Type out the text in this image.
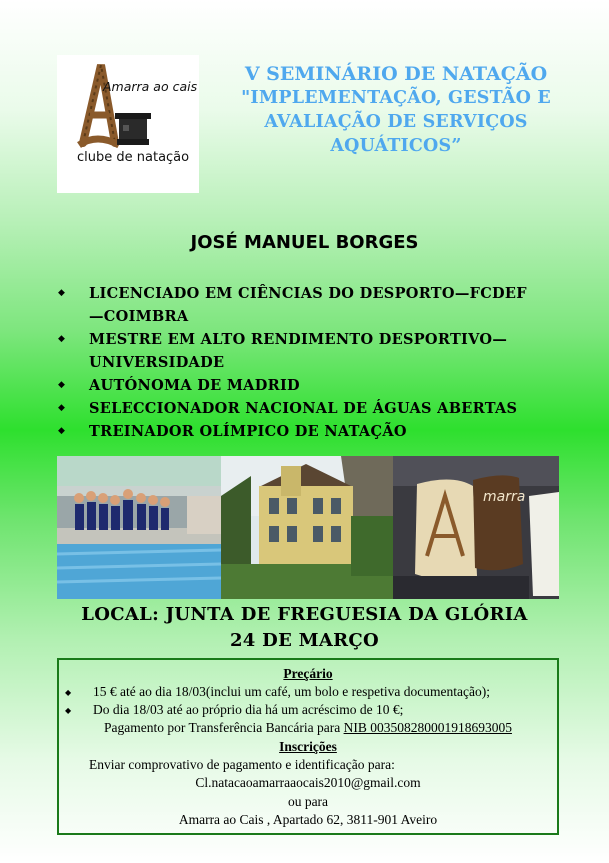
Amarra ao cais
clube de natação
V SEMINÁRIO DE NATAÇÃO
"IMPLEMENTAÇÃO, GESTÃO E
AVALIAÇÃO DE SERVIÇOS
AQUÁTICOS”
JOSÉ MANUEL BORGES
◆ LICENCIADO EM CIÊNCIAS DO DESPORTO—FCDEF—COIMBRA
◆ MESTRE EM ALTO RENDIMENTO DESPORTIVO—UNIVERSIDADE
◆ AUTÓNOMA DE MADRID
◆ SELECCIONADOR NACIONAL DE ÁGUAS ABERTAS
◆ TREINADOR OLÍMPICO DE NATAÇÃO
marra
LOCAL: JUNTA DE FREGUESIA DA GLÓRIA
24 DE MARÇO
Preçário
◆	15 € até ao dia 18/03(inclui um café, um bolo e respetiva documentação);
◆	Do dia 18/03 até ao próprio dia há um acréscimo de 10 €;
Pagamento por Transferência Bancária para NIB 003508280001918693005
Inscrições
Enviar comprovativo de pagamento e identificação para:
Cl.natacaoamarraaocais2010@gmail.com
ou para
Amarra ao Cais , Apartado 62, 3811-901 Aveiro
